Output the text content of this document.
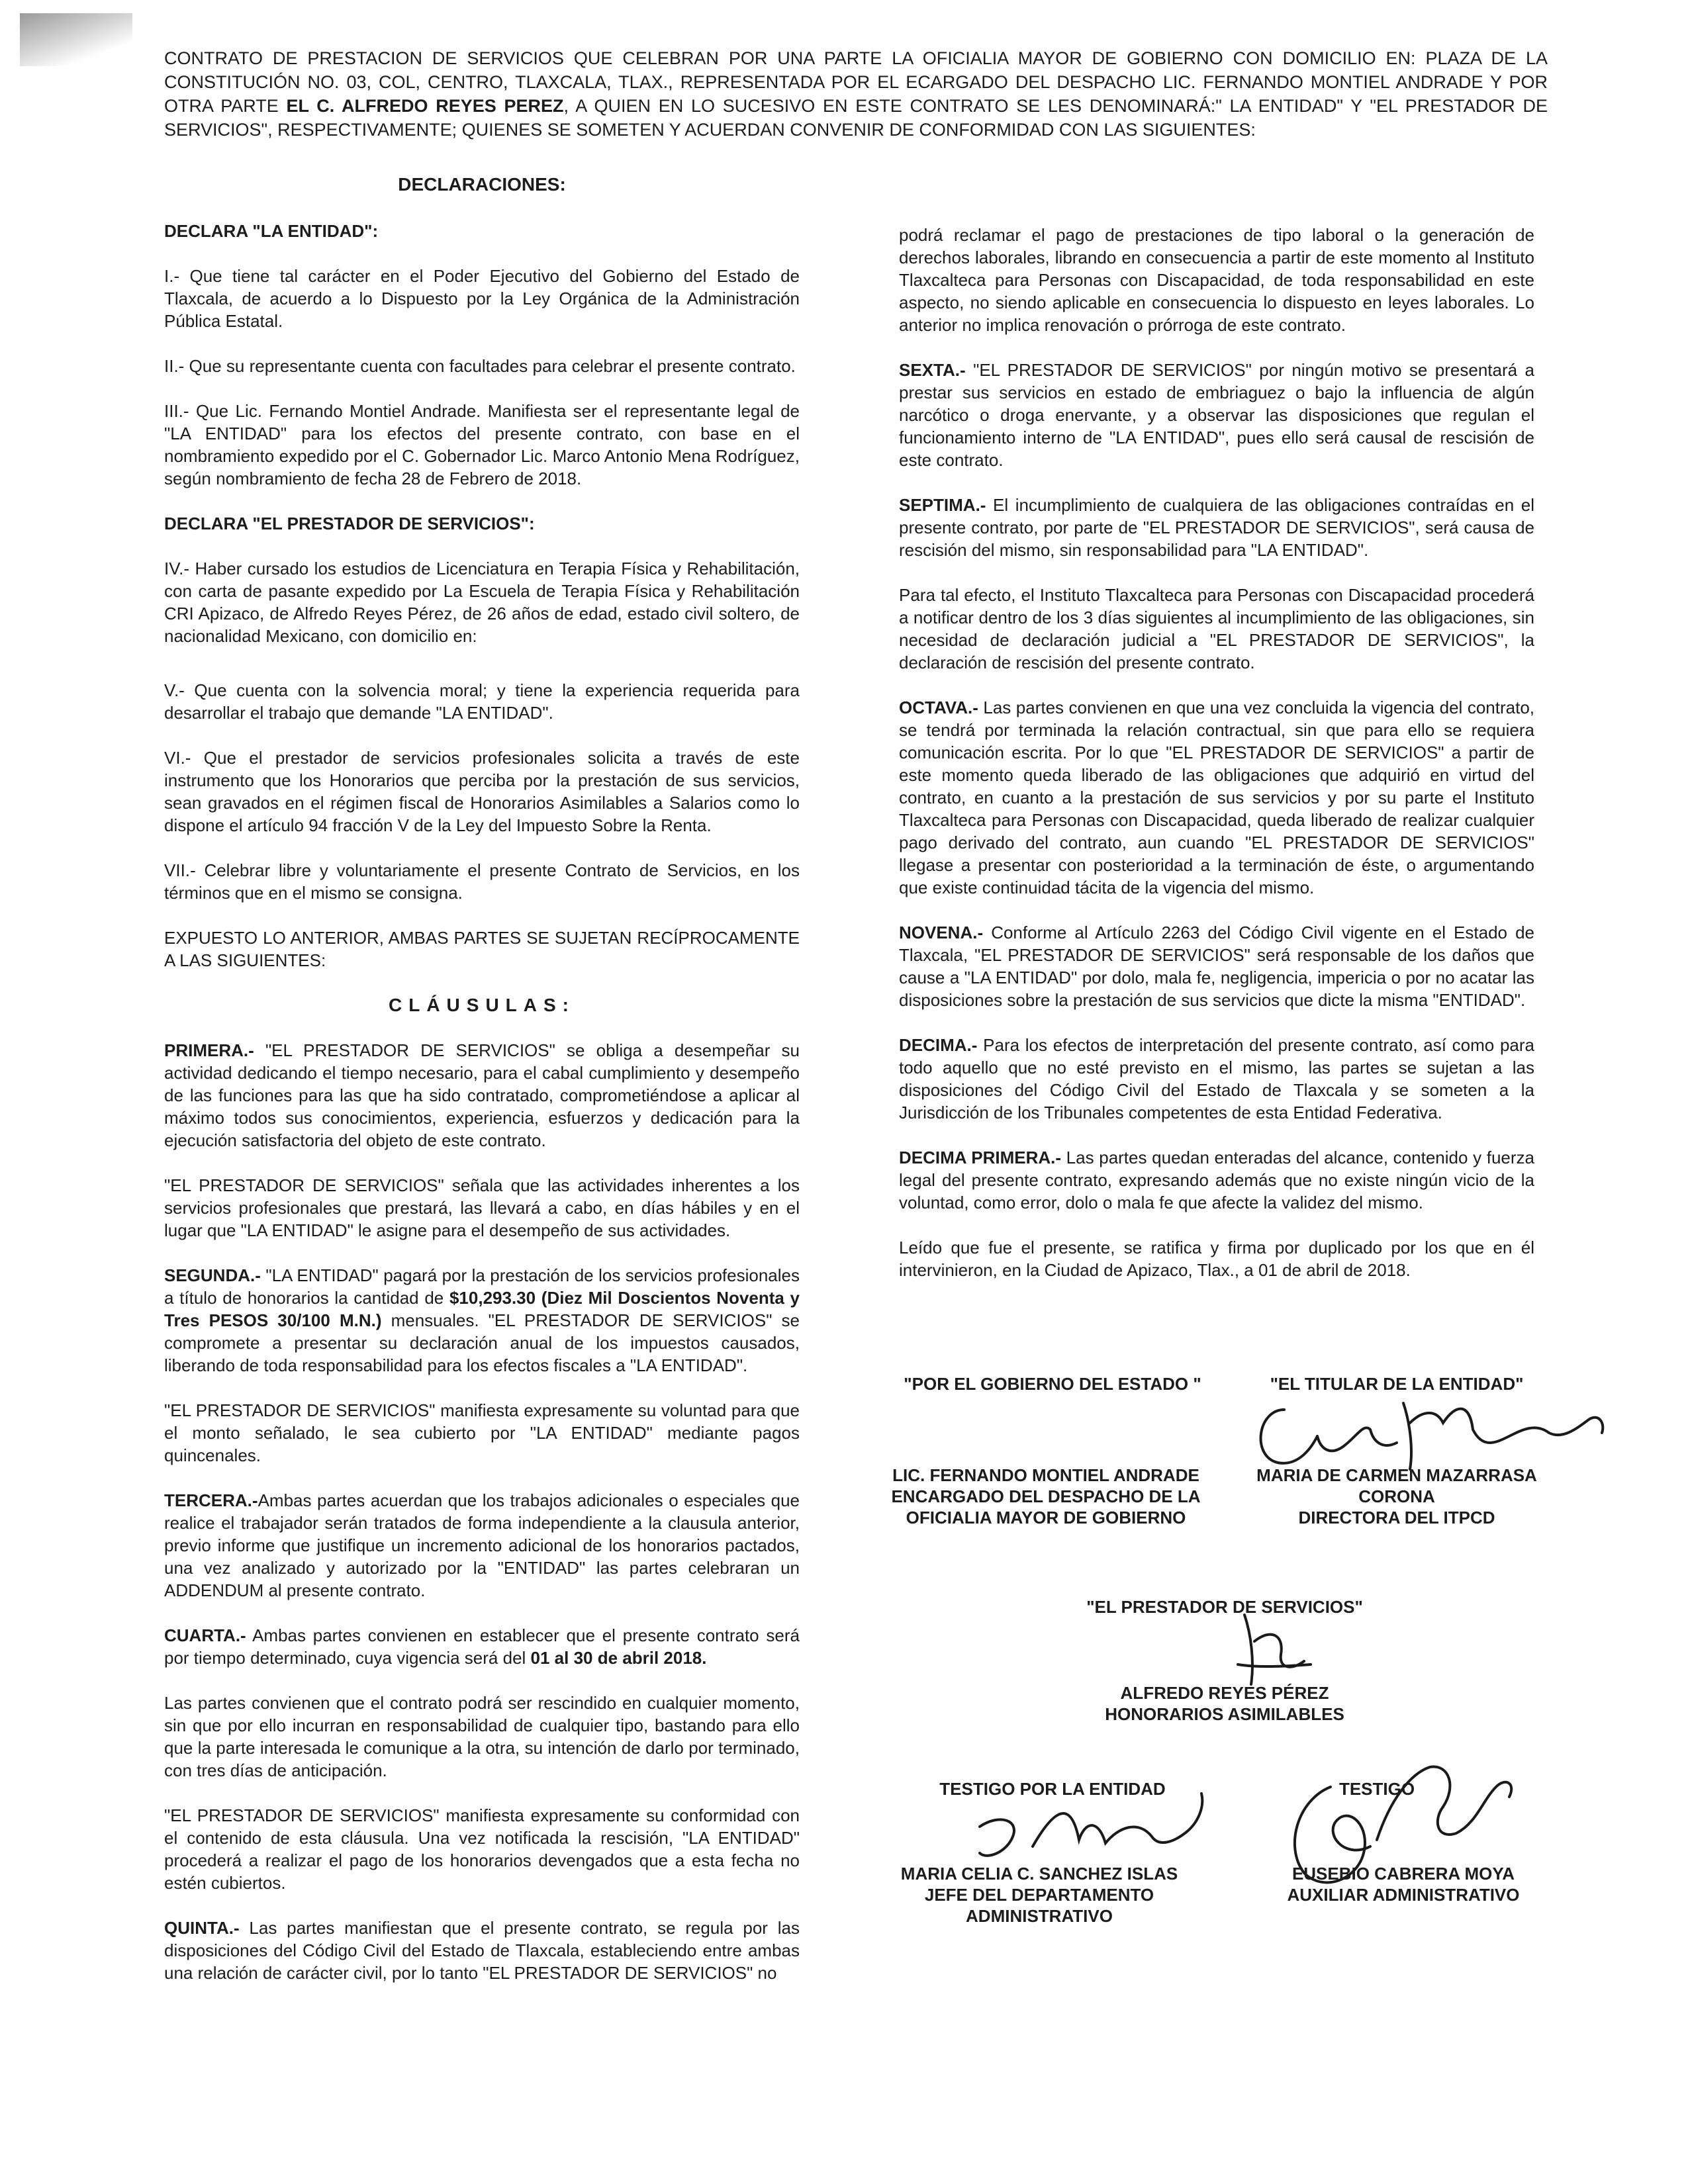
CONTRATO DE PRESTACION DE SERVICIOS QUE CELEBRAN POR UNA PARTE LA OFICIALIA MAYOR DE GOBIERNO CON DOMICILIO EN: PLAZA DE LA CONSTITUCIÓN NO. 03, COL, CENTRO, TLAXCALA, TLAX., REPRESENTADA POR EL ECARGADO DEL DESPACHO LIC. FERNANDO MONTIEL ANDRADE Y POR OTRA PARTE EL C. ALFREDO REYES PEREZ, A QUIEN EN LO SUCESIVO EN ESTE CONTRATO SE LES DENOMINARÁ:" LA ENTIDAD" Y "EL PRESTADOR DE SERVICIOS", RESPECTIVAMENTE; QUIENES SE SOMETEN Y ACUERDAN CONVENIR DE CONFORMIDAD CON LAS SIGUIENTES:
DECLARACIONES:

DECLARA "LA ENTIDAD":

I.- Que tiene tal carácter en el Poder Ejecutivo del Gobierno del Estado de Tlaxcala, de acuerdo a lo Dispuesto por la Ley Orgánica de la Administración Pública Estatal.

II.- Que su representante cuenta con facultades para celebrar el presente contrato.

III.- Que Lic. Fernando Montiel Andrade. Manifiesta ser el representante legal de "LA ENTIDAD" para los efectos del presente contrato, con base en el nombramiento expedido por el C. Gobernador Lic. Marco Antonio Mena Rodríguez, según nombramiento de fecha 28 de Febrero de 2018.

DECLARA "EL PRESTADOR DE SERVICIOS":

IV.- Haber cursado los estudios de Licenciatura en Terapia Física y Rehabilitación, con carta de pasante expedido por La Escuela de Terapia Física y Rehabilitación CRI Apizaco, de Alfredo Reyes Pérez, de 26 años de edad, estado civil soltero, de nacionalidad Mexicano, con domicilio en:

V.- Que cuenta con la solvencia moral; y tiene la experiencia requerida para desarrollar el trabajo que demande "LA ENTIDAD".

VI.- Que el prestador de servicios profesionales solicita a través de este instrumento que los Honorarios que perciba por la prestación de sus servicios, sean gravados en el régimen fiscal de Honorarios Asimilables a Salarios como lo dispone el artículo 94 fracción V de la Ley del Impuesto Sobre la Renta.

VII.- Celebrar libre y voluntariamente el presente Contrato de Servicios, en los términos que en el mismo se consigna.

EXPUESTO LO ANTERIOR, AMBAS PARTES SE SUJETAN RECÍPROCAMENTE A LAS SIGUIENTES:

CLÁUSULAS:

PRIMERA.- "EL PRESTADOR DE SERVICIOS" se obliga a desempeñar su actividad dedicando el tiempo necesario, para el cabal cumplimiento y desempeño de las funciones para las que ha sido contratado, comprometiéndose a aplicar al máximo todos sus conocimientos, experiencia, esfuerzos y dedicación para la ejecución satisfactoria del objeto de este contrato.

"EL PRESTADOR DE SERVICIOS" señala que las actividades inherentes a los servicios profesionales que prestará, las llevará a cabo, en días hábiles y en el lugar que "LA ENTIDAD" le asigne para el desempeño de sus actividades.

SEGUNDA.- "LA ENTIDAD" pagará por la prestación de los servicios profesionales a título de honorarios la cantidad de $10,293.30 (Diez Mil Doscientos Noventa y Tres PESOS 30/100 M.N.) mensuales. "EL PRESTADOR DE SERVICIOS" se compromete a presentar su declaración anual de los impuestos causados, liberando de toda responsabilidad para los efectos fiscales a "LA ENTIDAD".

"EL PRESTADOR DE SERVICIOS" manifiesta expresamente su voluntad para que el monto señalado, le sea cubierto por "LA ENTIDAD" mediante pagos quincenales.

TERCERA.-Ambas partes acuerdan que los trabajos adicionales o especiales que realice el trabajador serán tratados de forma independiente a la clausula anterior, previo informe que justifique un incremento adicional de los honorarios pactados, una vez analizado y autorizado por la "ENTIDAD" las partes celebraran un ADDENDUM al presente contrato.

CUARTA.- Ambas partes convienen en establecer que el presente contrato será por tiempo determinado, cuya vigencia será del 01 al 30 de abril 2018.

Las partes convienen que el contrato podrá ser rescindido en cualquier momento, sin que por ello incurran en responsabilidad de cualquier tipo, bastando para ello que la parte interesada le comunique a la otra, su intención de darlo por terminado, con tres días de anticipación.

"EL PRESTADOR DE SERVICIOS" manifiesta expresamente su conformidad con el contenido de esta cláusula. Una vez notificada la rescisión, "LA ENTIDAD" procederá a realizar el pago de los honorarios devengados que a esta fecha no estén cubiertos.

QUINTA.- Las partes manifiestan que el presente contrato, se regula por las disposiciones del Código Civil del Estado de Tlaxcala, estableciendo entre ambas una relación de carácter civil, por lo tanto "EL PRESTADOR DE SERVICIOS" no

podrá reclamar el pago de prestaciones de tipo laboral o la generación de derechos laborales, librando en consecuencia a partir de este momento al Instituto Tlaxcalteca para Personas con Discapacidad, de toda responsabilidad en este aspecto, no siendo aplicable en consecuencia lo dispuesto en leyes laborales. Lo anterior no implica renovación o prórroga de este contrato.

SEXTA.- "EL PRESTADOR DE SERVICIOS" por ningún motivo se presentará a prestar sus servicios en estado de embriaguez o bajo la influencia de algún narcótico o droga enervante, y a observar las disposiciones que regulan el funcionamiento interno de "LA ENTIDAD", pues ello será causal de rescisión de este contrato.

SEPTIMA.- El incumplimiento de cualquiera de las obligaciones contraídas en el presente contrato, por parte de "EL PRESTADOR DE SERVICIOS", será causa de rescisión del mismo, sin responsabilidad para "LA ENTIDAD".

Para tal efecto, el Instituto Tlaxcalteca para Personas con Discapacidad procederá a notificar dentro de los 3 días siguientes al incumplimiento de las obligaciones, sin necesidad de declaración judicial a "EL PRESTADOR DE SERVICIOS", la declaración de rescisión del presente contrato.

OCTAVA.- Las partes convienen en que una vez concluida la vigencia del contrato, se tendrá por terminada la relación contractual, sin que para ello se requiera comunicación escrita. Por lo que "EL PRESTADOR DE SERVICIOS" a partir de este momento queda liberado de las obligaciones que adquirió en virtud del contrato, en cuanto a la prestación de sus servicios y por su parte el Instituto Tlaxcalteca para Personas con Discapacidad, queda liberado de realizar cualquier pago derivado del contrato, aun cuando "EL PRESTADOR DE SERVICIOS" llegase a presentar con posterioridad a la terminación de éste, o argumentando que existe continuidad tácita de la vigencia del mismo.

NOVENA.- Conforme al Artículo 2263 del Código Civil vigente en el Estado de Tlaxcala, "EL PRESTADOR DE SERVICIOS" será responsable de los daños que cause a "LA ENTIDAD" por dolo, mala fe, negligencia, impericia o por no acatar las disposiciones sobre la prestación de sus servicios que dicte la misma "ENTIDAD".

DECIMA.- Para los efectos de interpretación del presente contrato, así como para todo aquello que no esté previsto en el mismo, las partes se sujetan a las disposiciones del Código Civil del Estado de Tlaxcala y se someten a la Jurisdicción de los Tribunales competentes de esta Entidad Federativa.

DECIMA PRIMERA.- Las partes quedan enteradas del alcance, contenido y fuerza legal del presente contrato, expresando además que no existe ningún vicio de la voluntad, como error, dolo o mala fe que afecte la validez del mismo.

Leído que fue el presente, se ratifica y firma por duplicado por los que en él intervinieron, en la Ciudad de Apizaco, Tlax., a 01 de abril de 2018.

"POR EL GOBIERNO DEL ESTADO "	"EL TITULAR DE LA ENTIDAD"
LIC. FERNANDO MONTIEL ANDRADE
ENCARGADO DEL DESPACHO DE LA
OFICIALIA MAYOR DE GOBIERNO
MARIA DE CARMEN MAZARRASA
CORONA
DIRECTORA DEL ITPCD
"EL PRESTADOR DE SERVICIOS"
ALFREDO REYES PÉREZ
HONORARIOS ASIMILABLES
TESTIGO POR LA ENTIDAD	TESTIGO
MARIA CELIA C. SANCHEZ ISLAS
JEFE DEL DEPARTAMENTO
ADMINISTRATIVO
EUSEBIO CABRERA MOYA
AUXILIAR ADMINISTRATIVO
